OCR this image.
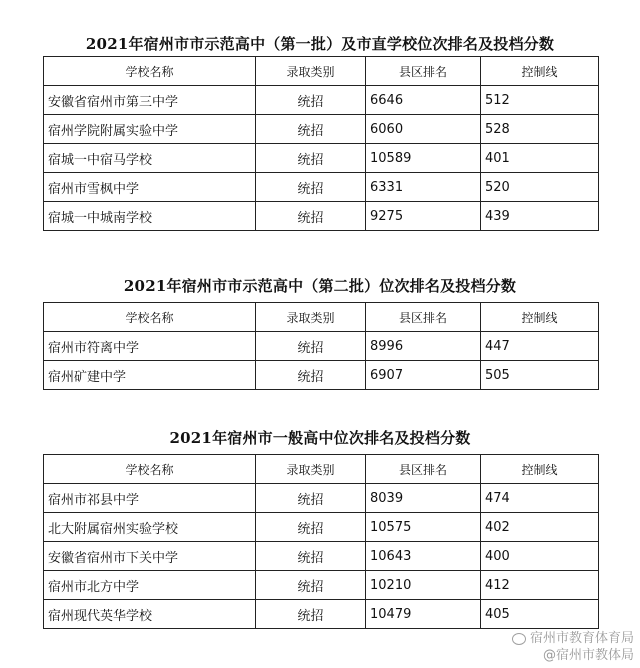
2021年宿州市市示范高中（第一批）及市直学校位次排名及投档分数
学校名称	录取类别	县区排名	控制线
安徽省宿州市第三中学	统招	6646	512
宿州学院附属实验中学	统招	6060	528
宿城一中宿马学校	统招	10589	401
宿州市雪枫中学	统招	6331	520
宿城一中城南学校	统招	9275	439
2021年宿州市市示范高中（第二批）位次排名及投档分数
学校名称	录取类别	县区排名	控制线
宿州市符离中学	统招	8996	447
宿州矿建中学	统招	6907	505
2021年宿州市一般高中位次排名及投档分数
学校名称	录取类别	县区排名	控制线
宿州市祁县中学	统招	8039	474
北大附属宿州实验学校	统招	10575	402
安徽省宿州市下关中学	统招	10643	400
宿州市北方中学	统招	10210	412
宿州现代英华学校	统招	10479	405
宿州市教育体育局
@宿州市教体局
